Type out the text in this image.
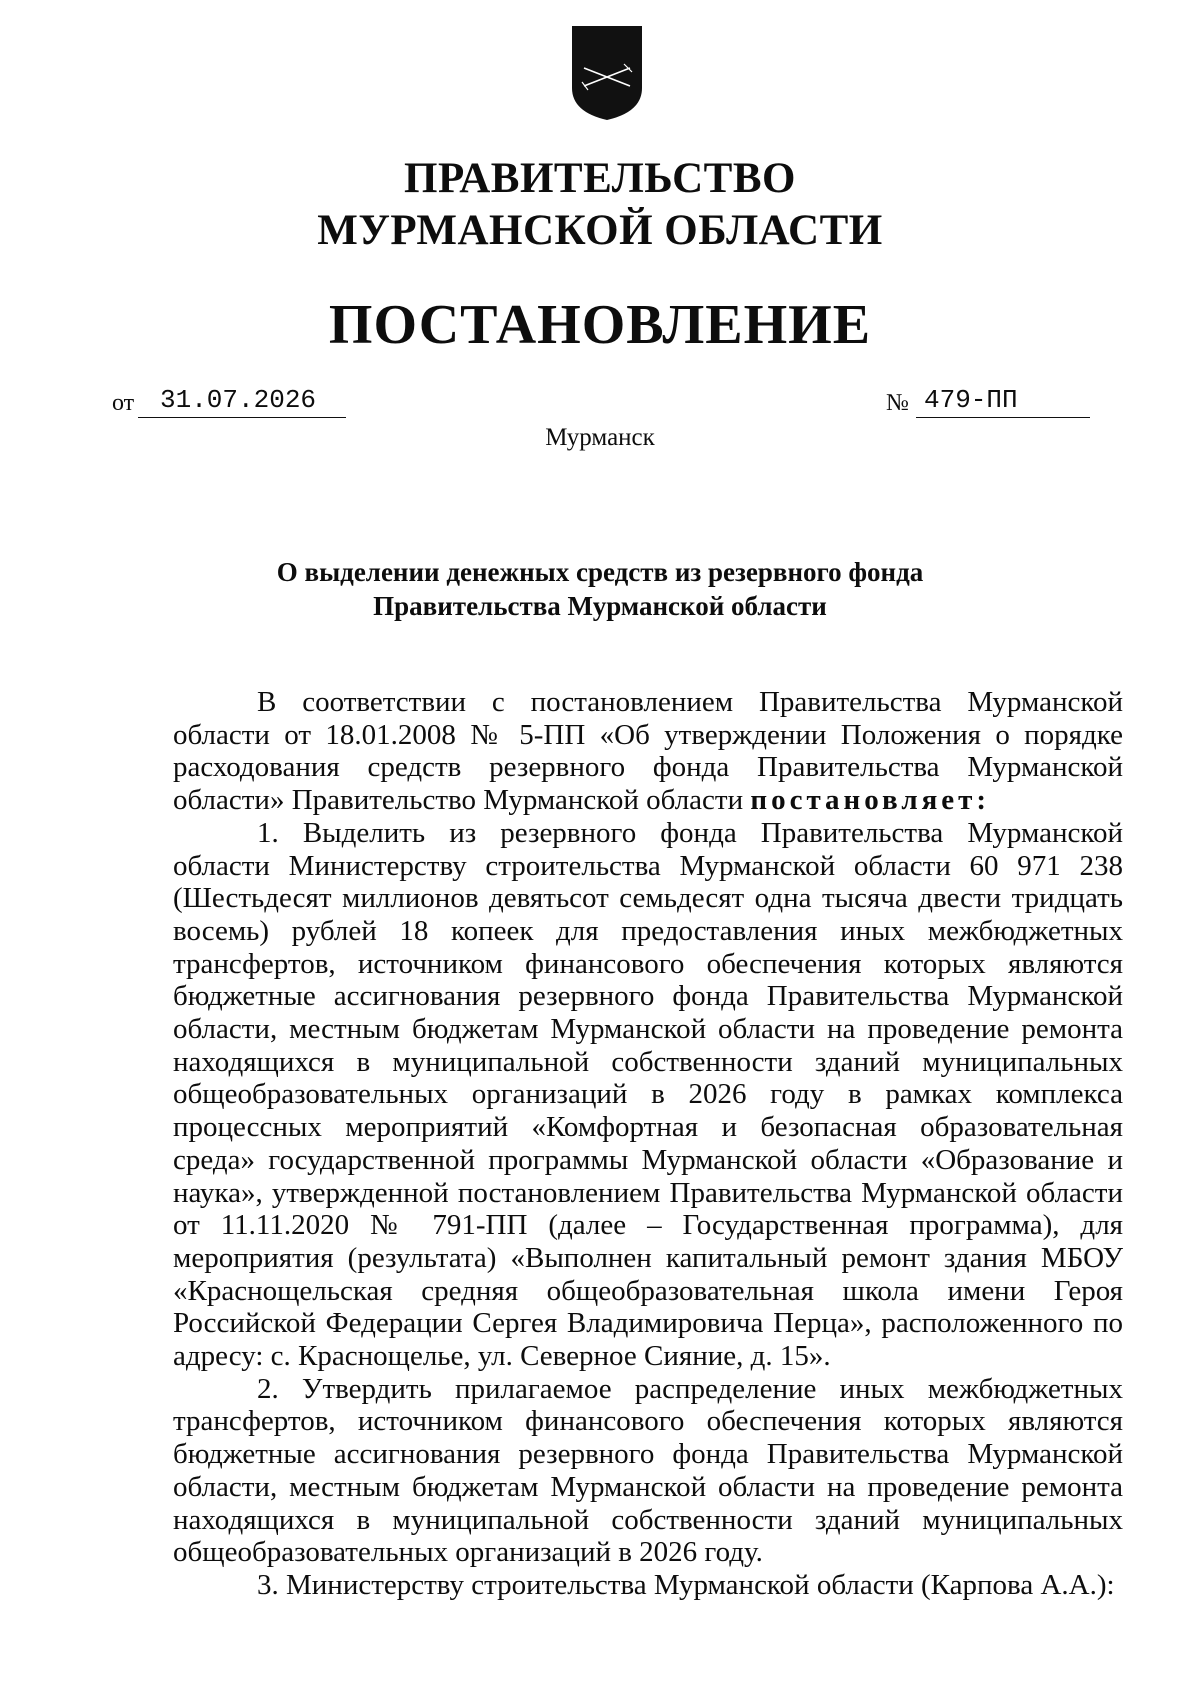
ПРАВИТЕЛЬСТВО
МУРМАНСКОЙ ОБЛАСТИ
ПОСТАНОВЛЕНИЕ
от 31.07.2026	№ 479-ПП
Мурманск
О выделении денежных средств из резервного фонда
Правительства Мурманской области

В соответствии с постановлением Правительства Мурманской области от 18.01.2008 № 5-ПП «Об утверждении Положения о порядке расходования средств резервного фонда Правительства Мурманской области» Правительство Мурманской области постановляет:

1. Выделить из резервного фонда Правительства Мурманской области Министерству строительства Мурманской области 60 971 238 (Шестьдесят миллионов девятьсот семьдесят одна тысяча двести тридцать восемь) рублей 18 копеек для предоставления иных межбюджетных трансфертов, источником финансового обеспечения которых являются бюджетные ассигнования резервного фонда Правительства Мурманской области, местным бюджетам Мурманской области на проведение ремонта находящихся в муниципальной собственности зданий муниципальных общеобразовательных организаций в 2026 году в рамках комплекса процессных мероприятий «Комфортная и безопасная образовательная среда» государственной программы Мурманской области «Образование и наука», утвержденной постановлением Правительства Мурманской области от 11.11.2020 № 791-ПП (далее – Государственная программа), для мероприятия (результата) «Выполнен капитальный ремонт здания МБОУ «Краснощельская средняя общеобразовательная школа имени Героя Российской Федерации Сергея Владимировича Перца», расположенного по адресу: с. Краснощелье, ул. Северное Сияние, д. 15».

2. Утвердить прилагаемое распределение иных межбюджетных трансфертов, источником финансового обеспечения которых являются бюджетные ассигнования резервного фонда Правительства Мурманской области, местным бюджетам Мурманской области на проведение ремонта находящихся в муниципальной собственности зданий муниципальных общеобразовательных организаций в 2026 году.

3. Министерству строительства Мурманской области (Карпова А.А.):
